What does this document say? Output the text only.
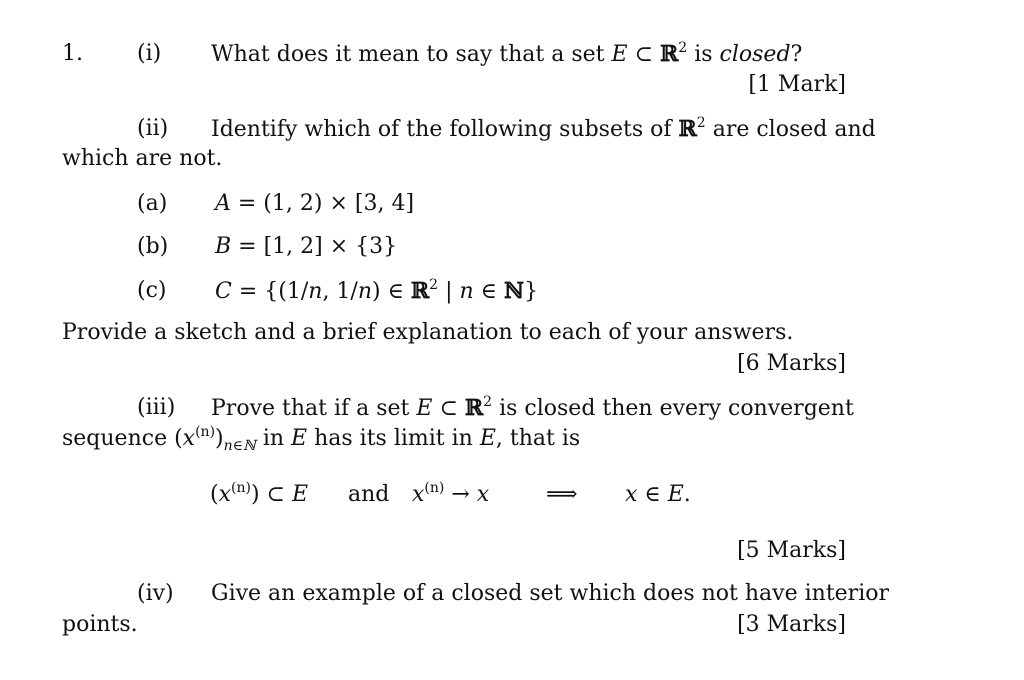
1. (i) What does it mean to say that a set E ⊂ ℝ$^2$ is closed?
[1 Mark]
(ii) Identify which of the following subsets of ℝ$^2$ are closed and
which are not.
(a) A = (1, 2) × [3, 4]
(b) B = [1, 2] × {3}
(c) C = {(1/n, 1/n) ∈ ℝ$^2$ | n ∈ ℕ}
Provide a sketch and a brief explanation to each of your answers.
[6 Marks]
(iii) Prove that if a set E ⊂ ℝ$^2$ is closed then every convergent
sequence $(x^{(n)})_{n\in ℕ}$ in E has its limit in E, that is
$(x^{(n)})$ ⊂ E and $x^{(n)} \to x$	⟹ x ∈ E.
[5 Marks]
(iv) Give an example of a closed set which does not have interior
points.	[3 Marks]
